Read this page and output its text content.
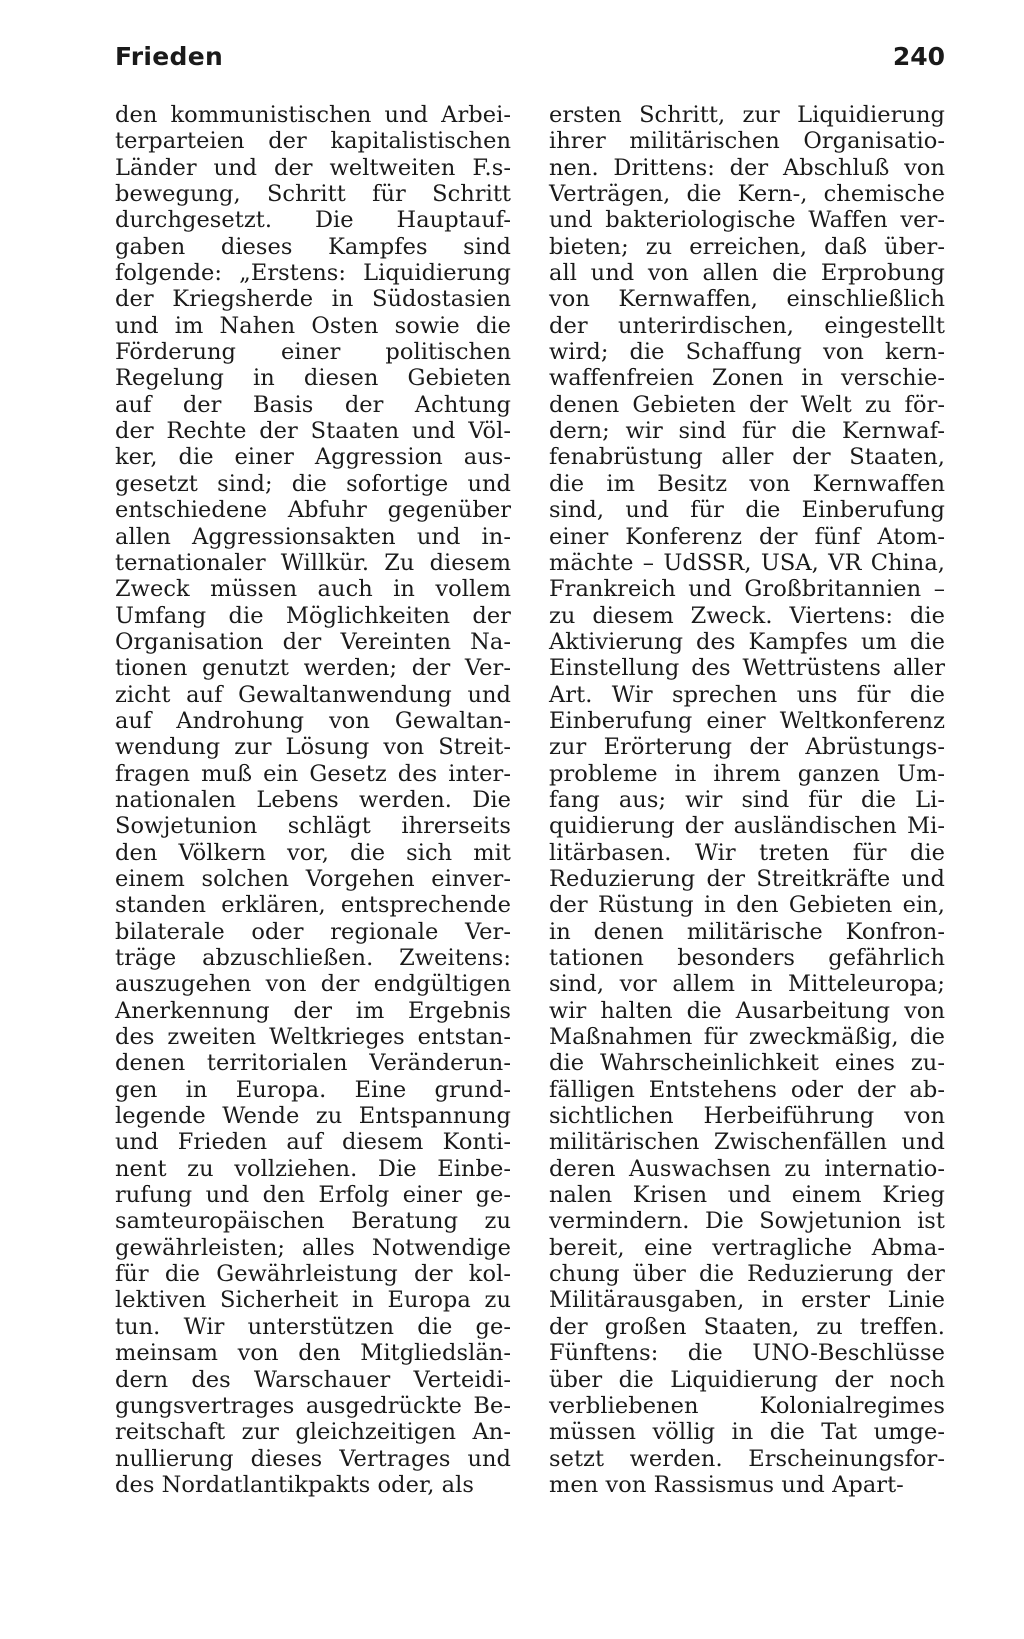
Frieden	240
den kommunistischen und Arbei-
terparteien der kapitalistischen
Länder und der weltweiten F.s-
bewegung, Schritt für Schritt
durchgesetzt. Die Hauptauf-
gaben dieses Kampfes sind
folgende: „Erstens: Liquidierung
der Kriegsherde in Südostasien
und im Nahen Osten sowie die
Förderung einer politischen
Regelung in diesen Gebieten
auf der Basis der Achtung
der Rechte der Staaten und Völ-
ker, die einer Aggression aus-
gesetzt sind; die sofortige und
entschiedene Abfuhr gegenüber
allen Aggressionsakten und in-
ternationaler Willkür. Zu diesem
Zweck müssen auch in vollem
Umfang die Möglichkeiten der
Organisation der Vereinten Na-
tionen genutzt werden; der Ver-
zicht auf Gewaltanwendung und
auf Androhung von Gewaltan-
wendung zur Lösung von Streit-
fragen muß ein Gesetz des inter-
nationalen Lebens werden. Die
Sowjetunion schlägt ihrerseits
den Völkern vor, die sich mit
einem solchen Vorgehen einver-
standen erklären, entsprechende
bilaterale oder regionale Ver-
träge abzuschließen. Zweitens:
auszugehen von der endgültigen
Anerkennung der im Ergebnis
des zweiten Weltkrieges entstan-
denen territorialen Veränderun-
gen in Europa. Eine grund-
legende Wende zu Entspannung
und Frieden auf diesem Konti-
nent zu vollziehen. Die Einbe-
rufung und den Erfolg einer ge-
samteuropäischen Beratung zu
gewährleisten; alles Notwendige
für die Gewährleistung der kol-
lektiven Sicherheit in Europa zu
tun. Wir unterstützen die ge-
meinsam von den Mitgliedslän-
dern des Warschauer Verteidi-
gungsvertrages ausgedrückte Be-
reitschaft zur gleichzeitigen An-
nullierung dieses Vertrages und
des Nordatlantikpakts oder, als
ersten Schritt, zur Liquidierung
ihrer militärischen Organisatio-
nen. Drittens: der Abschluß von
Verträgen, die Kern-, chemische
und bakteriologische Waffen ver-
bieten; zu erreichen, daß über-
all und von allen die Erprobung
von Kernwaffen, einschließlich
der unterirdischen, eingestellt
wird; die Schaffung von kern-
waffenfreien Zonen in verschie-
denen Gebieten der Welt zu för-
dern; wir sind für die Kernwaf-
fenabrüstung aller der Staaten,
die im Besitz von Kernwaffen
sind, und für die Einberufung
einer Konferenz der fünf Atom-
mächte – UdSSR, USA, VR China,
Frankreich und Großbritannien –
zu diesem Zweck. Viertens: die
Aktivierung des Kampfes um die
Einstellung des Wettrüstens aller
Art. Wir sprechen uns für die
Einberufung einer Weltkonferenz
zur Erörterung der Abrüstungs-
probleme in ihrem ganzen Um-
fang aus; wir sind für die Li-
quidierung der ausländischen Mi-
litärbasen. Wir treten für die
Reduzierung der Streitkräfte und
der Rüstung in den Gebieten ein,
in denen militärische Konfron-
tationen besonders gefährlich
sind, vor allem in Mitteleuropa;
wir halten die Ausarbeitung von
Maßnahmen für zweckmäßig, die
die Wahrscheinlichkeit eines zu-
fälligen Entstehens oder der ab-
sichtlichen Herbeiführung von
militärischen Zwischenfällen und
deren Auswachsen zu internatio-
nalen Krisen und einem Krieg
vermindern. Die Sowjetunion ist
bereit, eine vertragliche Abma-
chung über die Reduzierung der
Militärausgaben, in erster Linie
der großen Staaten, zu treffen.
Fünftens: die UNO-Beschlüsse
über die Liquidierung der noch
verbliebenen Kolonialregimes
müssen völlig in die Tat umge-
setzt werden. Erscheinungsfor-
men von Rassismus und Apart-
